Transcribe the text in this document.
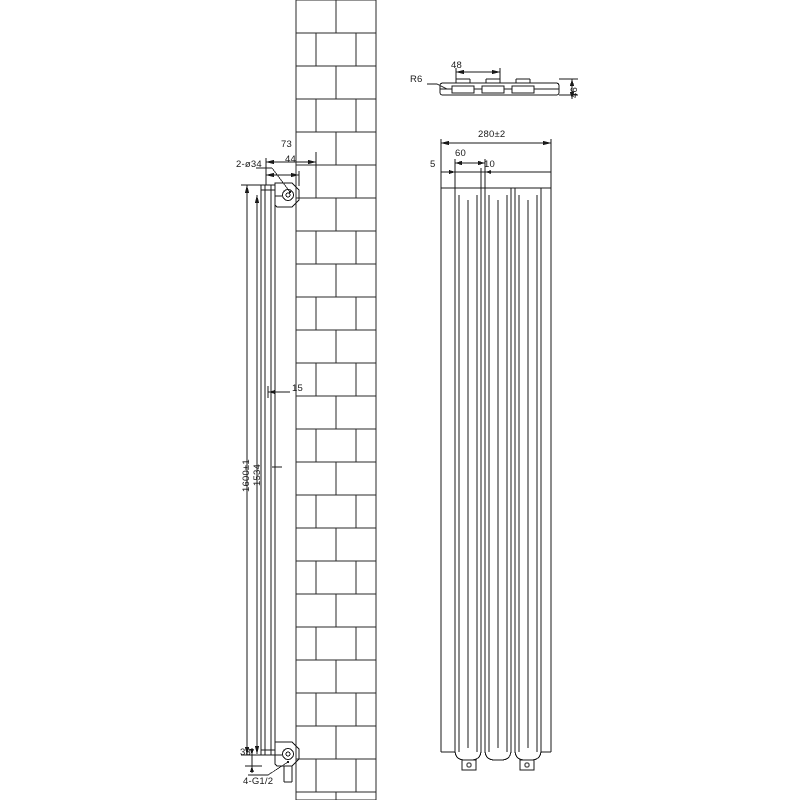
R6
48
46
280±2
60
5	10
73
44
2-ø34
15
1600±1 1534
33
4-G1/2
